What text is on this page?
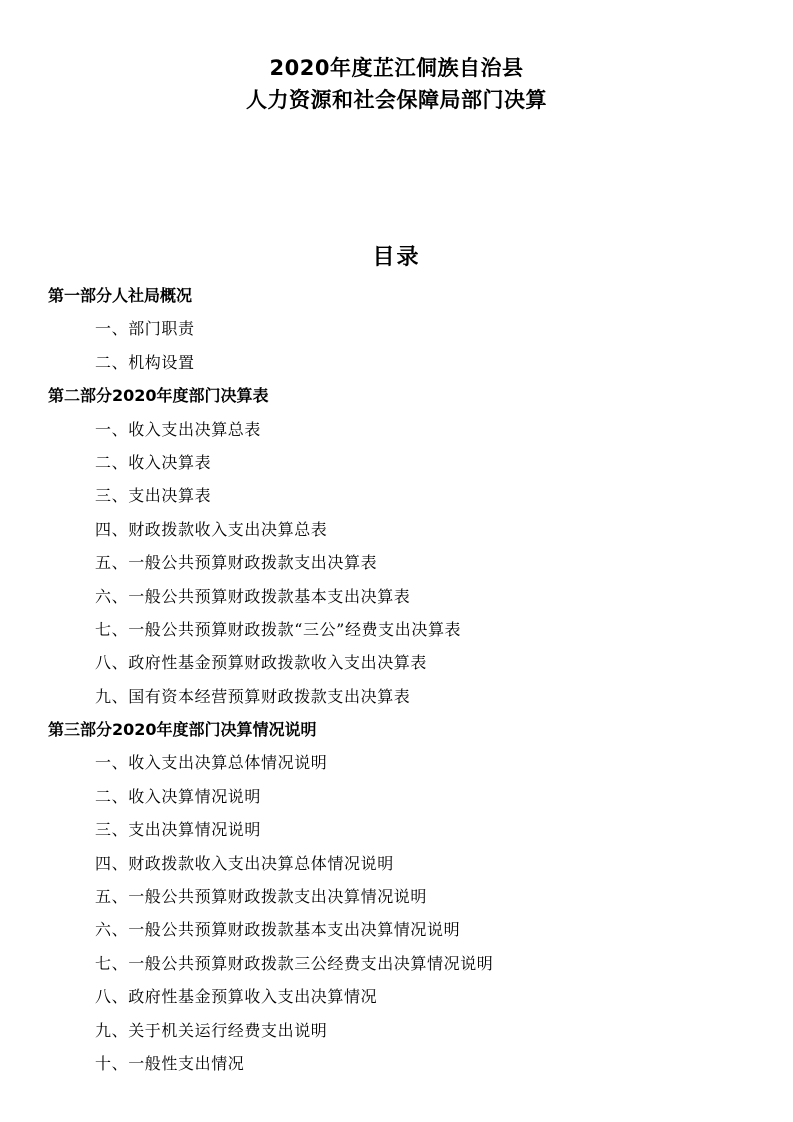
2020年度芷江侗族自治县
人力资源和社会保障局部门决算
目录
第一部分人社局概况
一、部门职责
二、机构设置
第二部分2020年度部门决算表
一、收入支出决算总表
二、收入决算表
三、支出决算表
四、财政拨款收入支出决算总表
五、一般公共预算财政拨款支出决算表
六、一般公共预算财政拨款基本支出决算表
七、一般公共预算财政拨款“三公”经费支出决算表
八、政府性基金预算财政拨款收入支出决算表
九、国有资本经营预算财政拨款支出决算表
第三部分2020年度部门决算情况说明
一、收入支出决算总体情况说明
二、收入决算情况说明
三、支出决算情况说明
四、财政拨款收入支出决算总体情况说明
五、一般公共预算财政拨款支出决算情况说明
六、一般公共预算财政拨款基本支出决算情况说明
七、一般公共预算财政拨款三公经费支出决算情况说明
八、政府性基金预算收入支出决算情况
九、关于机关运行经费支出说明
十、一般性支出情况
